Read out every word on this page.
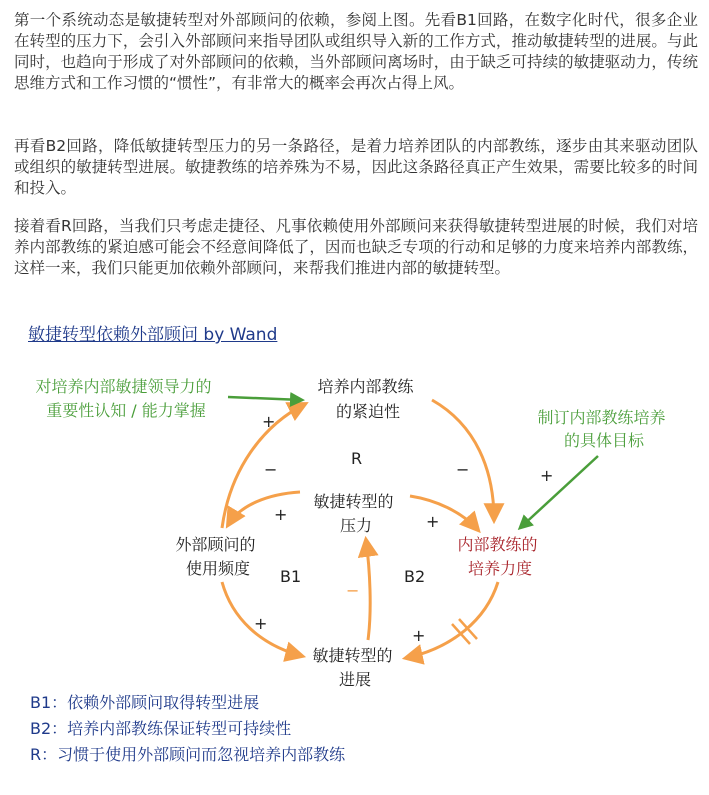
第一个系统动态是敏捷转型对外部顾问的依赖，参阅上图。先看B1回路，在数字化时代，很多企业在转型的压力下，会引入外部顾问来指导团队或组织导入新的工作方式，推动敏捷转型的进展。与此同时，也趋向于形成了对外部顾问的依赖，当外部顾问离场时，由于缺乏可持续的敏捷驱动力，传统思维方式和工作习惯的“惯性”，有非常大的概率会再次占得上风。

再看B2回路，降低敏捷转型压力的另一条路径，是着力培养团队的内部教练，逐步由其来驱动团队或组织的敏捷转型进展。敏捷教练的培养殊为不易，因此这条路径真正产生效果，需要比较多的时间和投入。

接着看R回路，当我们只考虑走捷径、凡事依赖使用外部顾问来获得敏捷转型进展的时候，我们对培养内部教练的紧迫感可能会不经意间降低了，因而也缺乏专项的行动和足够的力度来培养内部教练，这样一来，我们只能更加依赖外部顾问，来帮我们推进内部的敏捷转型。

敏捷转型依赖外部顾问 by Wand
培养内部教练 的紧迫性
敏捷转型的 压力
外部顾问的 使用频度
内部教练的 培养力度
敏捷转型的 进展
对培养内部敏捷领导力的 重要性认知 / 能力掌握	制订内部教练培养 的具体目标
R
B1	B2
+
−	−
+	+
−
+
+
+
B1：依赖外部顾问取得转型进展
B2：培养内部教练保证转型可持续性
R：习惯于使用外部顾问而忽视培养内部教练
